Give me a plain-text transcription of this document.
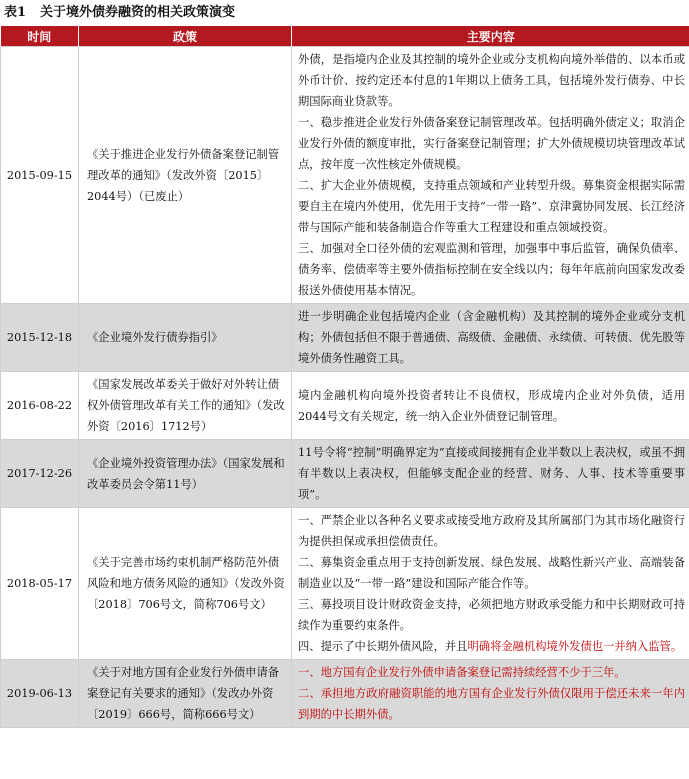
表1 关于境外债券融资的相关政策演变
时间	政策	主要内容
2015-09-15	《关于推进企业发行外债备案登记制管理改革的通知》（发改外资〔2015〕2044号）（已废止）	外债，是指境内企业及其控制的境外企业或分支机构向境外举借的、以本币或外币计价、按约定还本付息的1年期以上债务工具，包括境外发行债券、中长期国际商业贷款等。

一、稳步推进企业发行外债备案登记制管理改革。包括明确外债定义；取消企业发行外债的额度审批，实行备案登记制管理；扩大外债规模切块管理改革试点，按年度一次性核定外债规模。

二、扩大企业外债规模，支持重点领域和产业转型升级。募集资金根据实际需要自主在境内外使用，优先用于支持“一带一路”、京津冀协同发展、长江经济带与国际产能和装备制造合作等重大工程建设和重点领域投资。

三、加强对全口径外债的宏观监测和管理，加强事中事后监管，确保负债率、债务率、偿债率等主要外债指标控制在安全线以内；每年年底前向国家发改委报送外债使用基本情况。

2015-12-18	《企业境外发行债券指引》	进一步明确企业包括境内企业（含金融机构）及其控制的境外企业或分支机构；外债包括但不限于普通债、高级债、金融债、永续债、可转债、优先股等境外债务性融资工具。

2016-08-22	《国家发展改革委关于做好对外转让债权外债管理改革有关工作的通知》（发改外资〔2016〕1712号）	境内金融机构向境外投资者转让不良债权，形成境内企业对外负债，适用2044号文有关规定，统一纳入企业外债登记制管理。

2017-12-26	《企业境外投资管理办法》（国家发展和改革委员会令第11号）	11号令将“控制”明确界定为“直接或间接拥有企业半数以上表决权，或虽不拥有半数以上表决权，但能够支配企业的经营、财务、人事、技术等重要事项”。

2018-05-17	《关于完善市场约束机制严格防范外债风险和地方债务风险的通知》（发改外资〔2018〕706号文，简称706号文）	一、严禁企业以各种名义要求或接受地方政府及其所属部门为其市场化融资行为提供担保或承担偿债责任。

二、募集资金重点用于支持创新发展、绿色发展、战略性新兴产业、高端装备制造业以及“一带一路”建设和国际产能合作等。

三、募投项目设计财政资金支持，必须把地方财政承受能力和中长期财政可持续作为重要约束条件。

四、提示了中长期外债风险，并且明确将金融机构境外发债也一并纳入监管。

2019-06-13	《关于对地方国有企业发行外债申请备案登记有关要求的通知》（发改办外资〔2019〕666号，简称666号文）	一、地方国有企业发行外债申请备案登记需持续经营不少于三年。

二、承担地方政府融资职能的地方国有企业发行外债仅限用于偿还未来一年内到期的中长期外债。
